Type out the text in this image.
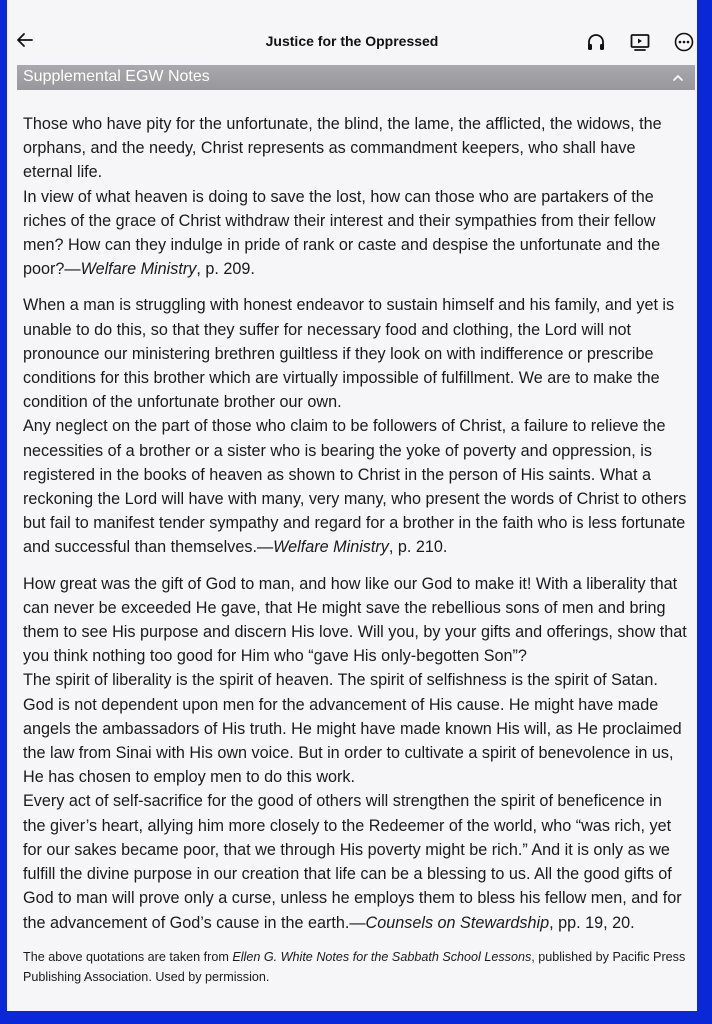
Justice for the Oppressed
Supplemental EGW Notes

Those who have pity for the unfortunate, the blind, the lame, the afflicted, the widows, the orphans, and the needy, Christ represents as commandment keepers, who shall have eternal life.

In view of what heaven is doing to save the lost, how can those who are partakers of the riches of the grace of Christ withdraw their interest and their sympathies from their fellow men? How can they indulge in pride of rank or caste and despise the unfortunate and the poor?—Welfare Ministry, p. 209.

When a man is struggling with honest endeavor to sustain himself and his family, and yet is unable to do this, so that they suffer for necessary food and clothing, the Lord will not pronounce our ministering brethren guiltless if they look on with indifference or prescribe conditions for this brother which are virtually impossible of fulfillment. We are to make the condition of the unfortunate brother our own.

Any neglect on the part of those who claim to be followers of Christ, a failure to relieve the necessities of a brother or a sister who is bearing the yoke of poverty and oppression, is registered in the books of heaven as shown to Christ in the person of His saints. What a reckoning the Lord will have with many, very many, who present the words of Christ to others but fail to manifest tender sympathy and regard for a brother in the faith who is less fortunate and successful than themselves.—Welfare Ministry, p. 210.

How great was the gift of God to man, and how like our God to make it! With a liberality that can never be exceeded He gave, that He might save the rebellious sons of men and bring them to see His purpose and discern His love. Will you, by your gifts and offerings, show that you think nothing too good for Him who “gave His only-begotten Son”?

The spirit of liberality is the spirit of heaven. The spirit of selfishness is the spirit of Satan. God is not dependent upon men for the advancement of His cause. He might have made angels the ambassadors of His truth. He might have made known His will, as He proclaimed the law from Sinai with His own voice. But in order to cultivate a spirit of benevolence in us, He has chosen to employ men to do this work.

Every act of self-sacrifice for the good of others will strengthen the spirit of beneficence in the giver’s heart, allying him more closely to the Redeemer of the world, who “was rich, yet for our sakes became poor, that we through His poverty might be rich.” And it is only as we fulfill the divine purpose in our creation that life can be a blessing to us. All the good gifts of God to man will prove only a curse, unless he employs them to bless his fellow men, and for the advancement of God’s cause in the earth.—Counsels on Stewardship, pp. 19, 20.

The above quotations are taken from Ellen G. White Notes for the Sabbath School Lessons, published by Pacific Press Publishing Association. Used by permission.
